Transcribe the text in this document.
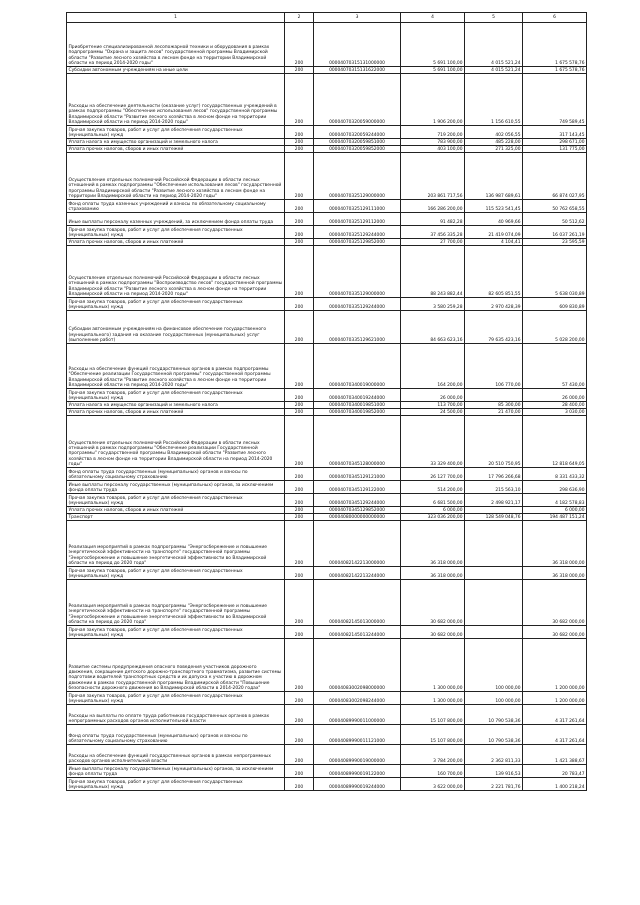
1	2	3	4	5	6
Приобретение специализированной лесопожарной техники и оборудования в рамках подпрограммы "Охрана и защита лесов" государственной программы Владимирской области "Развитие лесного хозяйства в лесном фонде на территории Владимирской области на период 2014-2020 годы"	200	00004070315131000000	5 691 100,00	4 015 521,24	1 675 578,76
Субсидии автономным учреждениям на иные цели	200	00004070315131622000	5 691 100,00	4 015 521,24	1 675 578,76
Расходы на обеспечение деятельности (оказание услуг) государственных учреждений в рамках подпрограммы "Обеспечение использования лесов" государственной программы Владимирской области "Развитие лесного хозяйства в лесном фонде на территории Владимирской области на период 2014-2020 годы"	200	00004070320059000000	1 906 200,00	1 156 610,55	749 589,45
Прочая закупка товаров, работ и услуг для обеспечения государственных (муниципальных) нужд	200	00004070320059244000	719 200,00	402 056,55	317 143,45
Уплата налога на имущество организаций и земельного налога	200	00004070320059851000	783 900,00	485 228,00	298 671,00
Уплата прочих налогов, сборов и иных платежей	200	00004070320059852000	403 100,00	271 325,00	131 775,00
Осуществление отдельных полномочий Российской Федерации в области лесных отношений в рамках подпрограммы "Обеспечение использования лесов" государственной программы Владимирской области "Развитие лесного хозяйства в лесном фонде на территории Владимирской области на период 2014-2020 годы"	200	00004070325129000000	203 861 717,56	136 987 689,61	66 874 027,95
Фонд оплаты труда казенных учреждений и взносы по обязательному социальному страхованию	200	00004070325129111000	166 286 200,00	115 523 541,45	50 762 658,55
Иные выплаты персоналу казенных учреждений, за исключением фонда оплаты труда	200	00004070325129112000	91 482,28	40 969,66	50 512,62
Прочая закупка товаров, работ и услуг для обеспечения государственных (муниципальных) нужд	200	00004070325129244000	37 456 335,28	21 419 074,09	16 037 261,19
Уплата прочих налогов, сборов и иных платежей	200	00004070325129852000	27 700,00	4 104,41	23 595,59
Осуществление отдельных полномочий Российской Федерации в области лесных отношений в рамках подпрограммы "Воспроизводство лесов" государственной программы Владимирской области "Развитие лесного хозяйства в лесном фонде на территории Владимирской области на период 2014-2020 годы"	200	00004070335129000000	88 243 882,44	82 605 851,55	5 638 030,89
Прочая закупка товаров, работ и услуг для обеспечения государственных (муниципальных) нужд	200	00004070335129244000	3 580 259,28	2 970 428,39	609 830,89
Субсидии автономным учреждениям на финансовое обеспечение государственного (муниципального) задания на оказание государственных (муниципальных) услуг (выполнение работ)	200	00004070335129621000	84 663 623,16	79 635 423,16	5 028 200,00
Расходы на обеспечение функций государственных органов в рамках подпрограммы "Обеспечение реализации Государственной программы" государственной программы Владимирской области "Развитие лесного хозяйства в лесном фонде на территории Владимирской области на период 2014-2020 годы"	200	00004070340019000000	164 200,00	106 770,00	57 430,00
Прочая закупка товаров, работ и услуг для обеспечения государственных (муниципальных) нужд	200	00004070340019244000	26 000,00		26 000,00
Уплата налога на имущество организаций и земельного налога	200	00004070340019851000	113 700,00	85 300,00	28 400,00
Уплата прочих налогов, сборов и иных платежей	200	00004070340019852000	24 500,00	21 470,00	3 030,00
Осуществление отдельных полномочий Российской Федерации в области лесных отношений в рамках подпрограммы "Обеспечение реализации Государственной программы" государственной программы Владимирской области "Развитие лесного хозяйства в лесном фонде на территории Владимирской области на период 2014-2020 годы"	200	00004070345128000000	33 329 400,00	20 510 750,95	12 818 649,05
Фонд оплаты труда государственных (муниципальных) органов и взносы по обязательному социальному страхованию	200	00004070345129121000	26 127 700,00	17 796 266,68	8 331 433,32
Иные выплаты персоналу государственных (муниципальных) органов, за исключением фонда оплаты труда	200	00004070345129122000	514 200,00	215 563,10	298 636,90
Прочая закупка товаров, работ и услуг для обеспечения государственных (муниципальных) нужд	200	00004070345129244000	6 681 500,00	2 498 921,17	4 182 578,83
Уплата прочих налогов, сборов и иных платежей	200	00004070345129852000	6 000,00		6 000,00
Транспорт	200	00004080000000000000	323 036 200,00	128 549 048,76	194 487 151,24
Реализация мероприятий в рамках подпрограммы "Энергосбережение и повышение энергетической эффективности на транспорте" государственной программы "Энергосбережение и повышение энергетической эффективности во Владимирской области на период до 2020 года"	200	00004082142213000000	36 318 000,00		36 318 000,00
Прочая закупка товаров, работ и услуг для обеспечения государственных (муниципальных) нужд	200	00004082142213244000	36 318 000,00		36 318 000,00
Реализация мероприятий в рамках подпрограммы "Энергосбережение и повышение энергетической эффективности на транспорте" государственной программы "Энергосбережение и повышение энергетической эффективности во Владимирской области на период до 2020 года"	200	00004082145013000000	30 682 000,00		30 682 000,00
Прочая закупка товаров, работ и услуг для обеспечения государственных (муниципальных) нужд	200	00004082145013244000	30 682 000,00		30 682 000,00
Развитие системы предупреждения опасного поведения участников дорожного движения, сокращение детского дорожно-транспортного травматизма, развитие системы подготовки водителей транспортных средств и их допуска к участию в дорожном движении в рамках государственной программы Владимирской области "Повышение безопасности дорожного движения во Владимирской области в 2014-2020 годах"	200	00004083002098000000	1 300 000,00	100 000,00	1 200 000,00
Прочая закупка товаров, работ и услуг для обеспечения государственных (муниципальных) нужд	200	00004083002098244000	1 300 000,00	100 000,00	1 200 000,00
Расходы на выплаты по оплате труда работников государственных органов в рамках непрограммных расходов органов исполнительной власти	200	00004089990011000000	15 107 800,00	10 790 538,36	4 317 261,64
Фонд оплаты труда государственных (муниципальных) органов и взносы по обязательному социальному страхованию	200	00004089990011121000	15 107 800,00	10 790 538,36	4 317 261,64
Расходы на обеспечение функций государственных органов в рамках непрограммных расходов органов исполнительной власти	200	00004089990019000000	3 784 200,00	2 362 811,33	1 421 388,67
Иные выплаты персоналу государственных (муниципальных) органов, за исключением фонда оплаты труда	200	00004089990019122000	160 700,00	139 916,53	20 783,47
Прочая закупка товаров, работ и услуг для обеспечения государственных (муниципальных) нужд	200	00004089990019244000	3 622 000,00	2 221 781,76	1 400 218,24
